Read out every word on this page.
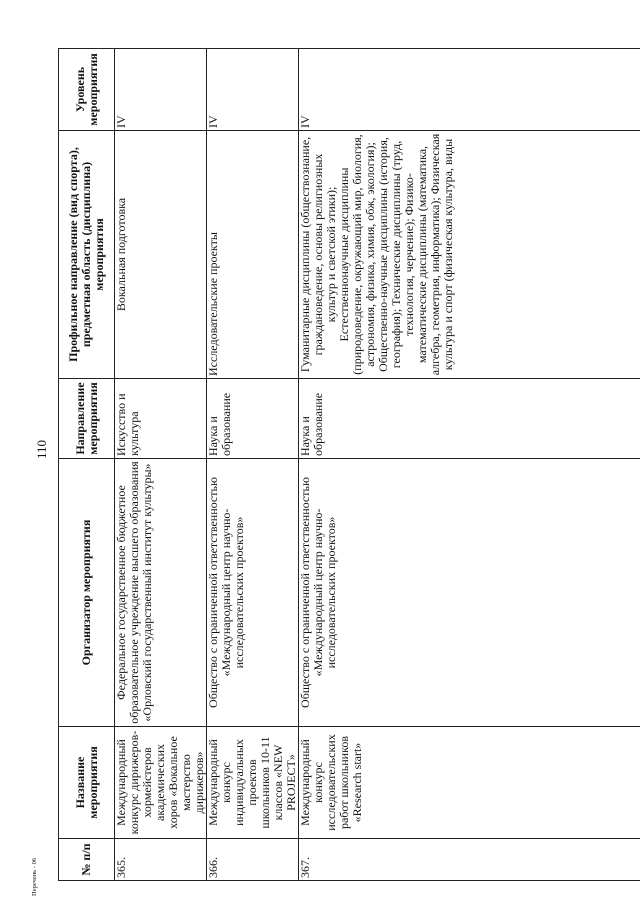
110
№ п/п	Название мероприятия	Организатор мероприятия	Направление мероприятия	Профильное направление (вид спорта), предметная область (дисциплина) мероприятия	Уровень мероприятия
365.	Международный конкурс дирижеров-хормейстеров академических хоров «Вокальное мастерство дирижеров»	Федеральное государственное бюджетное образовательное учреждение высшего образования «Орловский государственный институт культуры»	Искусство и культура	Вокальная подготовка	IV
366.	Международный конкурс индивидуальных проектов школьников 10-11 классов «NEW PROJECT»	Общество с ограниченной ответственностью «Международный центр научно-исследовательских проектов»	Наука и образование	Исследовательские проекты	IV
367.	Международный конкурс исследовательских работ школьников «Research start»	Общество с ограниченной ответственностью «Международный центр научно-исследовательских проектов»	Наука и образование	Гуманитарные дисциплины (обществознание, граждановедение, основы религиозных культур и светской этики); Естественнонаучные дисциплины (природоведение, окружающий мир, биология, астрономия, физика, химия, обж, экология); Общественно-научные дисциплины (история, география); Технические дисциплины (труд, технология, черчение); Физико-математические дисциплины (математика, алгебра, геометрия, информатика); Физическая культура и спорт (физическая культура, виды	IV
Перечень - 06
